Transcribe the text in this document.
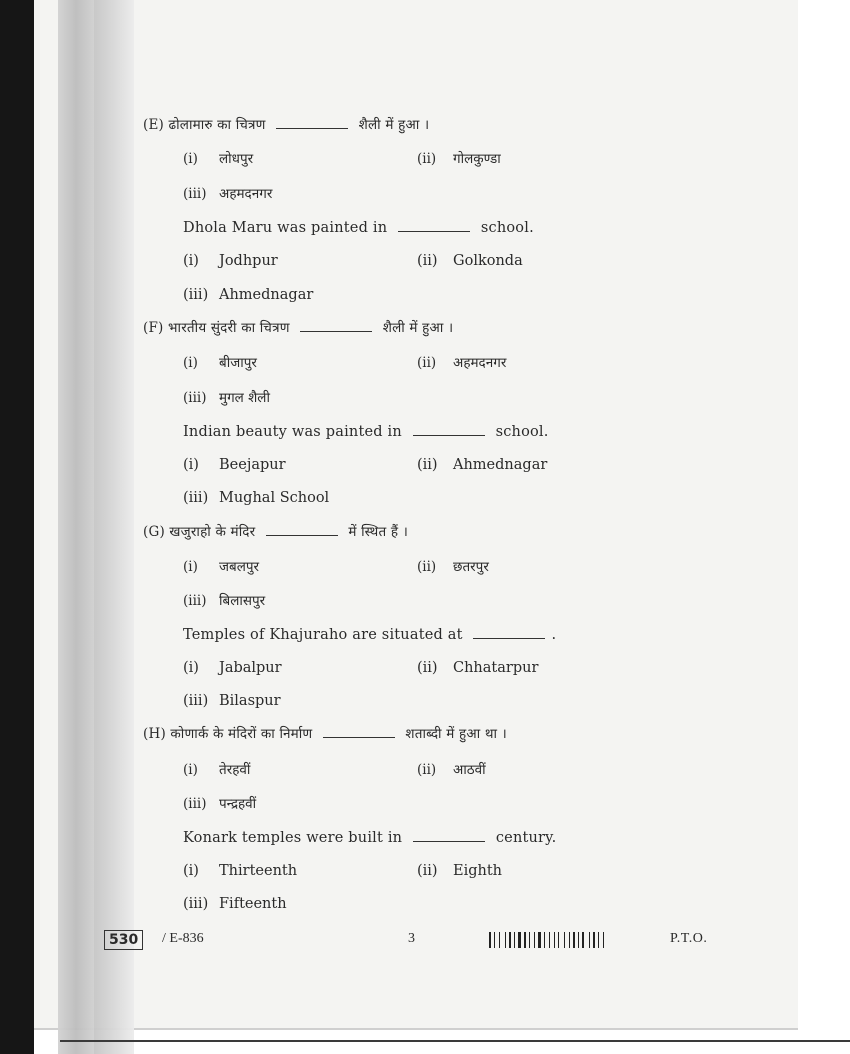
(E) ढोलामारु का चित्रण	शैली में हुआ ।
(i) लोधपुर	(ii) गोलकुण्डा
(iii) अहमदनगर
Dhola Maru was painted in	school.
(i) Jodhpur	(ii) Golkonda
(iii) Ahmednagar
(F) भारतीय सुंदरी का चित्रण	शैली में हुआ ।
(i) बीजापुर	(ii) अहमदनगर
(iii) मुगल शैली
Indian beauty was painted in	school.
(i) Beejapur	(ii) Ahmednagar
(iii) Mughal School
(G) खजुराहो के मंदिर	में स्थित हैं ।
(i) जबलपुर	(ii) छतरपुर
(iii) बिलासपुर
Temples of Khajuraho are situated at	.
(i) Jabalpur	(ii) Chhatarpur
(iii) Bilaspur
(H) कोणार्क के मंदिरों का निर्माण	शताब्दी में हुआ था ।
(i) तेरहवीं	(ii) आठवीं
(iii) पन्द्रहवीं
Konark temples were built in	century.
(i) Thirteenth	(ii) Eighth
(iii) Fifteenth
530	/ E-836	3	P.T.O.
